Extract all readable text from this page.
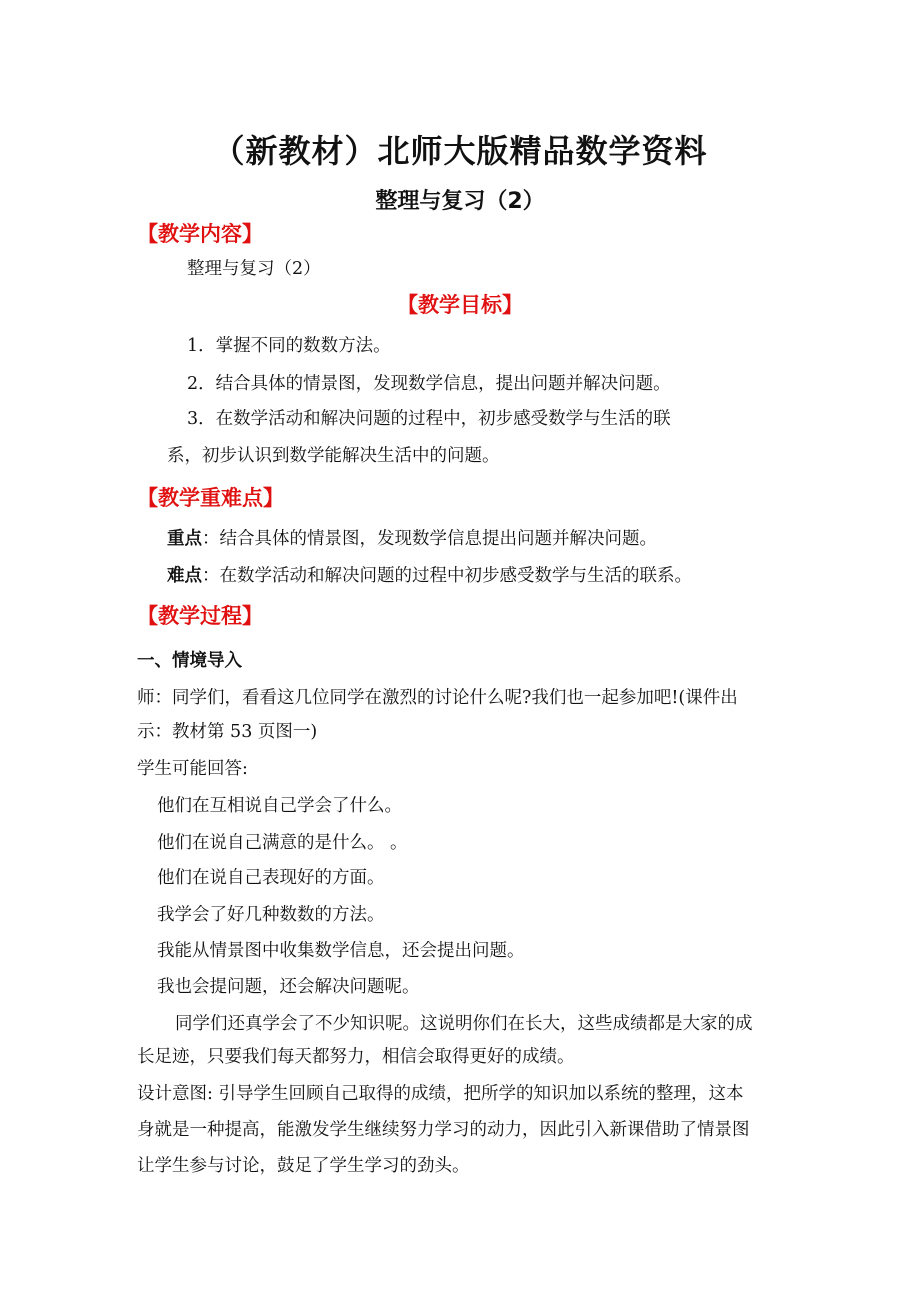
（新教材）北师大版精品数学资料

整理与复习（2）

【教学内容】

整理与复习（2）

【教学目标】

1．掌握不同的数数方法。

2．结合具体的情景图，发现数学信息，提出问题并解决问题。

3．在数学活动和解决问题的过程中，初步感受数学与生活的联

系，初步认识到数学能解决生活中的问题。

【教学重难点】

重点：结合具体的情景图，发现数学信息提出问题并解决问题。

难点：在数学活动和解决问题的过程中初步感受数学与生活的联系。

【教学过程】

一、情境导入

师：同学们，看看这几位同学在激烈的讨论什么呢?我们也一起参加吧!(课件出

示：教材第 53 页图一)

学生可能回答:

他们在互相说自己学会了什么。

他们在说自己满意的是什么。 。

他们在说自己表现好的方面。

我学会了好几种数数的方法。

我能从情景图中收集数学信息，还会提出问题。

我也会提问题，还会解决问题呢。

同学们还真学会了不少知识呢。这说明你们在长大，这些成绩都是大家的成

长足迹，只要我们每天都努力，相信会取得更好的成绩。

设计意图: 引导学生回顾自己取得的成绩，把所学的知识加以系统的整理，这本

身就是一种提高，能激发学生继续努力学习的动力，因此引入新课借助了情景图

让学生参与讨论，鼓足了学生学习的劲头。
